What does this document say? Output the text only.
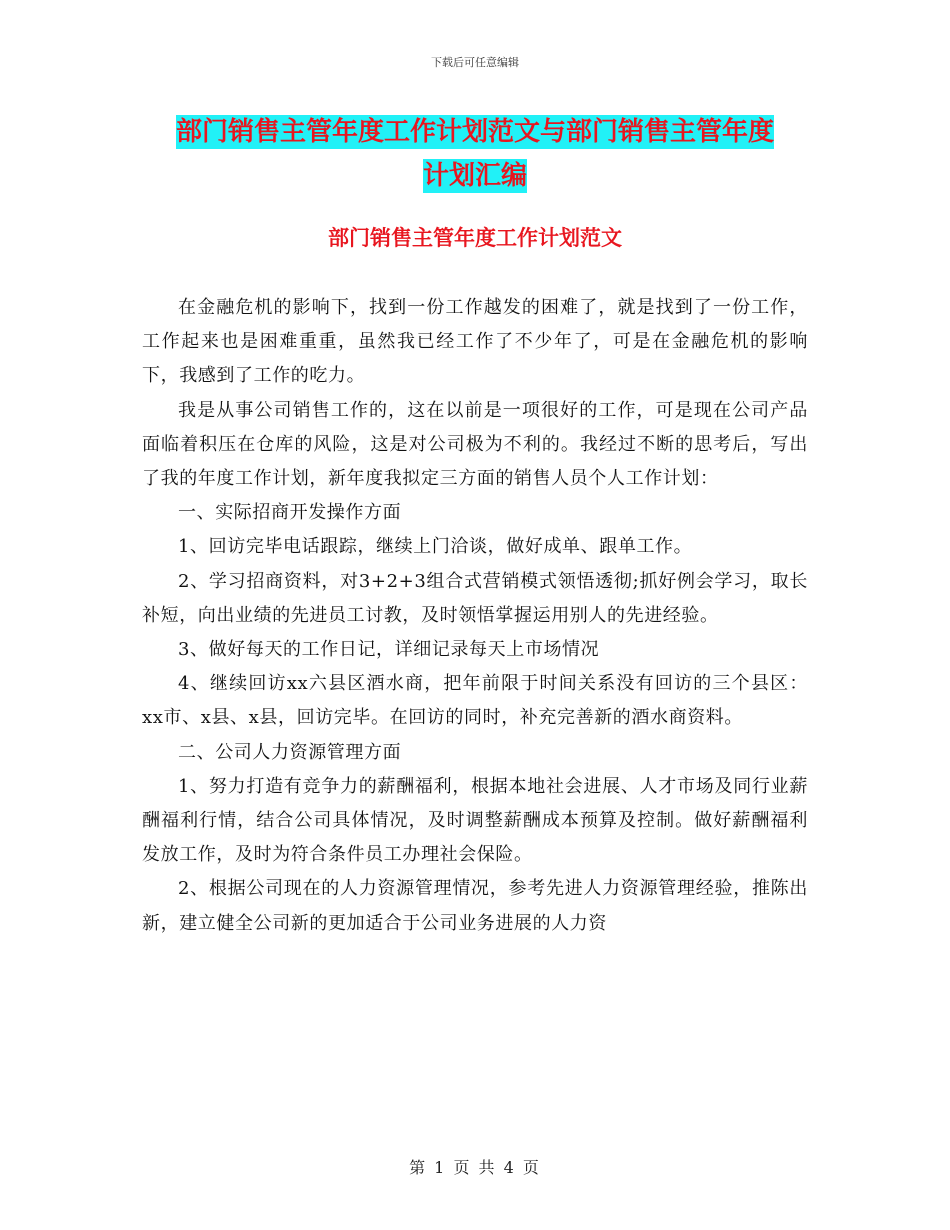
下载后可任意编辑
部门销售主管年度工作计划范文与部门销售主管年度
计划汇编
部门销售主管年度工作计划范文

在金融危机的影响下，找到一份工作越发的困难了，就是找到了一份工作，工作起来也是困难重重，虽然我已经工作了不少年了，可是在金融危机的影响下，我感到了工作的吃力。

我是从事公司销售工作的，这在以前是一项很好的工作，可是现在公司产品面临着积压在仓库的风险，这是对公司极为不利的。我经过不断的思考后，写出了我的年度工作计划，新年度我拟定三方面的销售人员个人工作计划：

一、实际招商开发操作方面

1、回访完毕电话跟踪，继续上门洽谈，做好成单、跟单工作。

2、学习招商资料，对3+2+3组合式营销模式领悟透彻;抓好例会学习，取长补短，向出业绩的先进员工讨教，及时领悟掌握运用别人的先进经验。

3、做好每天的工作日记，详细记录每天上市场情况

4、继续回访xx六县区酒水商，把年前限于时间关系没有回访的三个县区：xx市、x县、x县，回访完毕。在回访的同时，补充完善新的酒水商资料。

二、公司人力资源管理方面

1、努力打造有竞争力的薪酬福利，根据本地社会进展、人才市场及同行业薪酬福利行情，结合公司具体情况，及时调整薪酬成本预算及控制。做好薪酬福利发放工作，及时为符合条件员工办理社会保险。

2、根据公司现在的人力资源管理情况，参考先进人力资源管理经验，推陈出新，建立健全公司新的更加适合于公司业务进展的人力资

第 1 页 共 4 页
